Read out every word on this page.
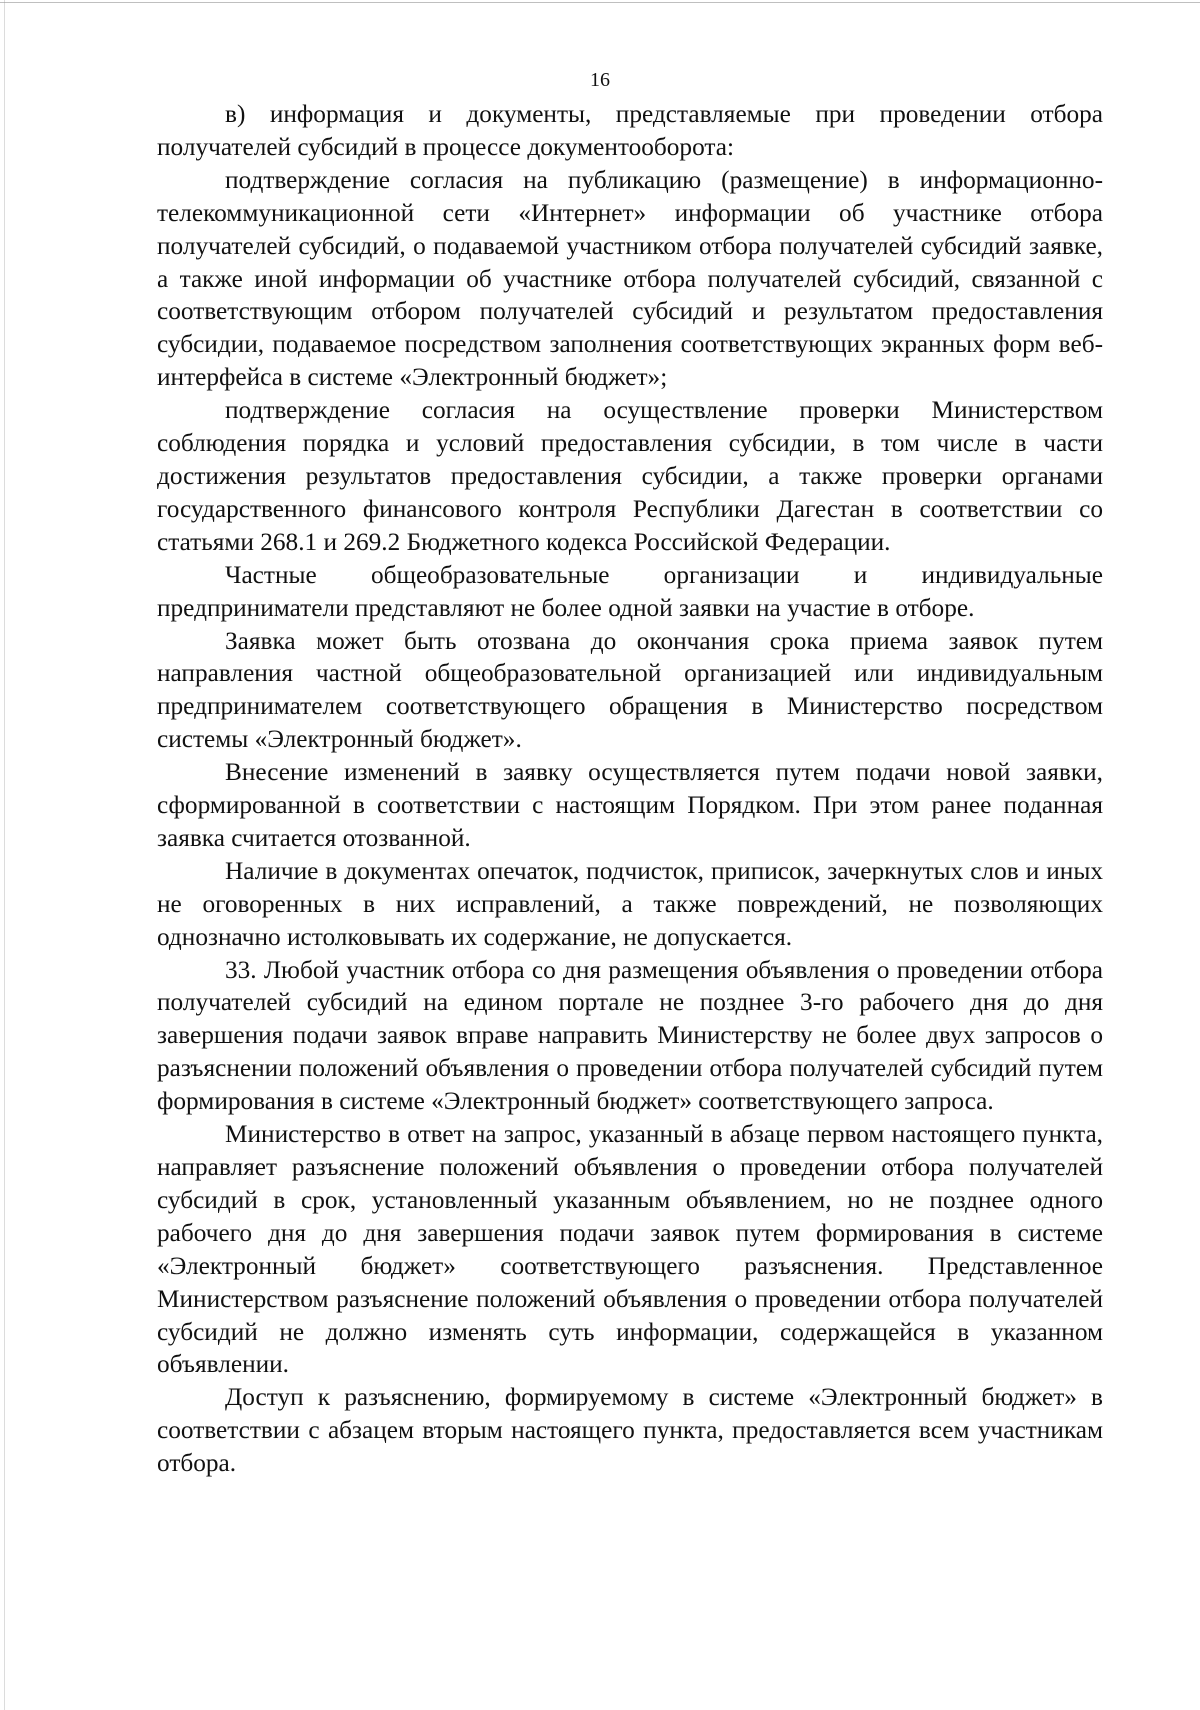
16

в) информация и документы, представляемые при проведении отбора получателей субсидий в процессе документооборота:

подтверждение согласия на публикацию (размещение) в информационно-телекоммуникационной сети «Интернет» информации об участнике отбора получателей субсидий, о подаваемой участником отбора получателей субсидий заявке, а также иной информации об участнике отбора получателей субсидий, связанной с соответствующим отбором получателей субсидий и результатом предоставления субсидии, подаваемое посредством заполнения соответствующих экранных форм веб-интерфейса в системе «Электронный бюджет»;

подтверждение согласия на осуществление проверки Министерством соблюдения порядка и условий предоставления субсидии, в том числе в части достижения результатов предоставления субсидии, а также проверки органами государственного финансового контроля Республики Дагестан в соответствии со статьями 268.1 и 269.2 Бюджетного кодекса Российской Федерации.

Частные общеобразовательные организации и индивидуальные предприниматели представляют не более одной заявки на участие в отборе.

Заявка может быть отозвана до окончания срока приема заявок путем направления частной общеобразовательной организацией или индивидуальным предпринимателем соответствующего обращения в Министерство посредством системы «Электронный бюджет».

Внесение изменений в заявку осуществляется путем подачи новой заявки, сформированной в соответствии с настоящим Порядком. При этом ранее поданная заявка считается отозванной.

Наличие в документах опечаток, подчисток, приписок, зачеркнутых слов и иных не оговоренных в них исправлений, а также повреждений, не позволяющих однозначно истолковывать их содержание, не допускается.

33. Любой участник отбора со дня размещения объявления о проведении отбора получателей субсидий на едином портале не позднее 3-го рабочего дня до дня завершения подачи заявок вправе направить Министерству не более двух запросов о разъяснении положений объявления о проведении отбора получателей субсидий путем формирования в системе «Электронный бюджет» соответствующего запроса.

Министерство в ответ на запрос, указанный в абзаце первом настоящего пункта, направляет разъяснение положений объявления о проведении отбора получателей субсидий в срок, установленный указанным объявлением, но не позднее одного рабочего дня до дня завершения подачи заявок путем формирования в системе «Электронный бюджет» соответствующего разъяснения. Представленное Министерством разъяснение положений объявления о проведении отбора получателей субсидий не должно изменять суть информации, содержащейся в указанном объявлении.

Доступ к разъяснению, формируемому в системе «Электронный бюджет» в соответствии с абзацем вторым настоящего пункта, предоставляется всем участникам отбора.
